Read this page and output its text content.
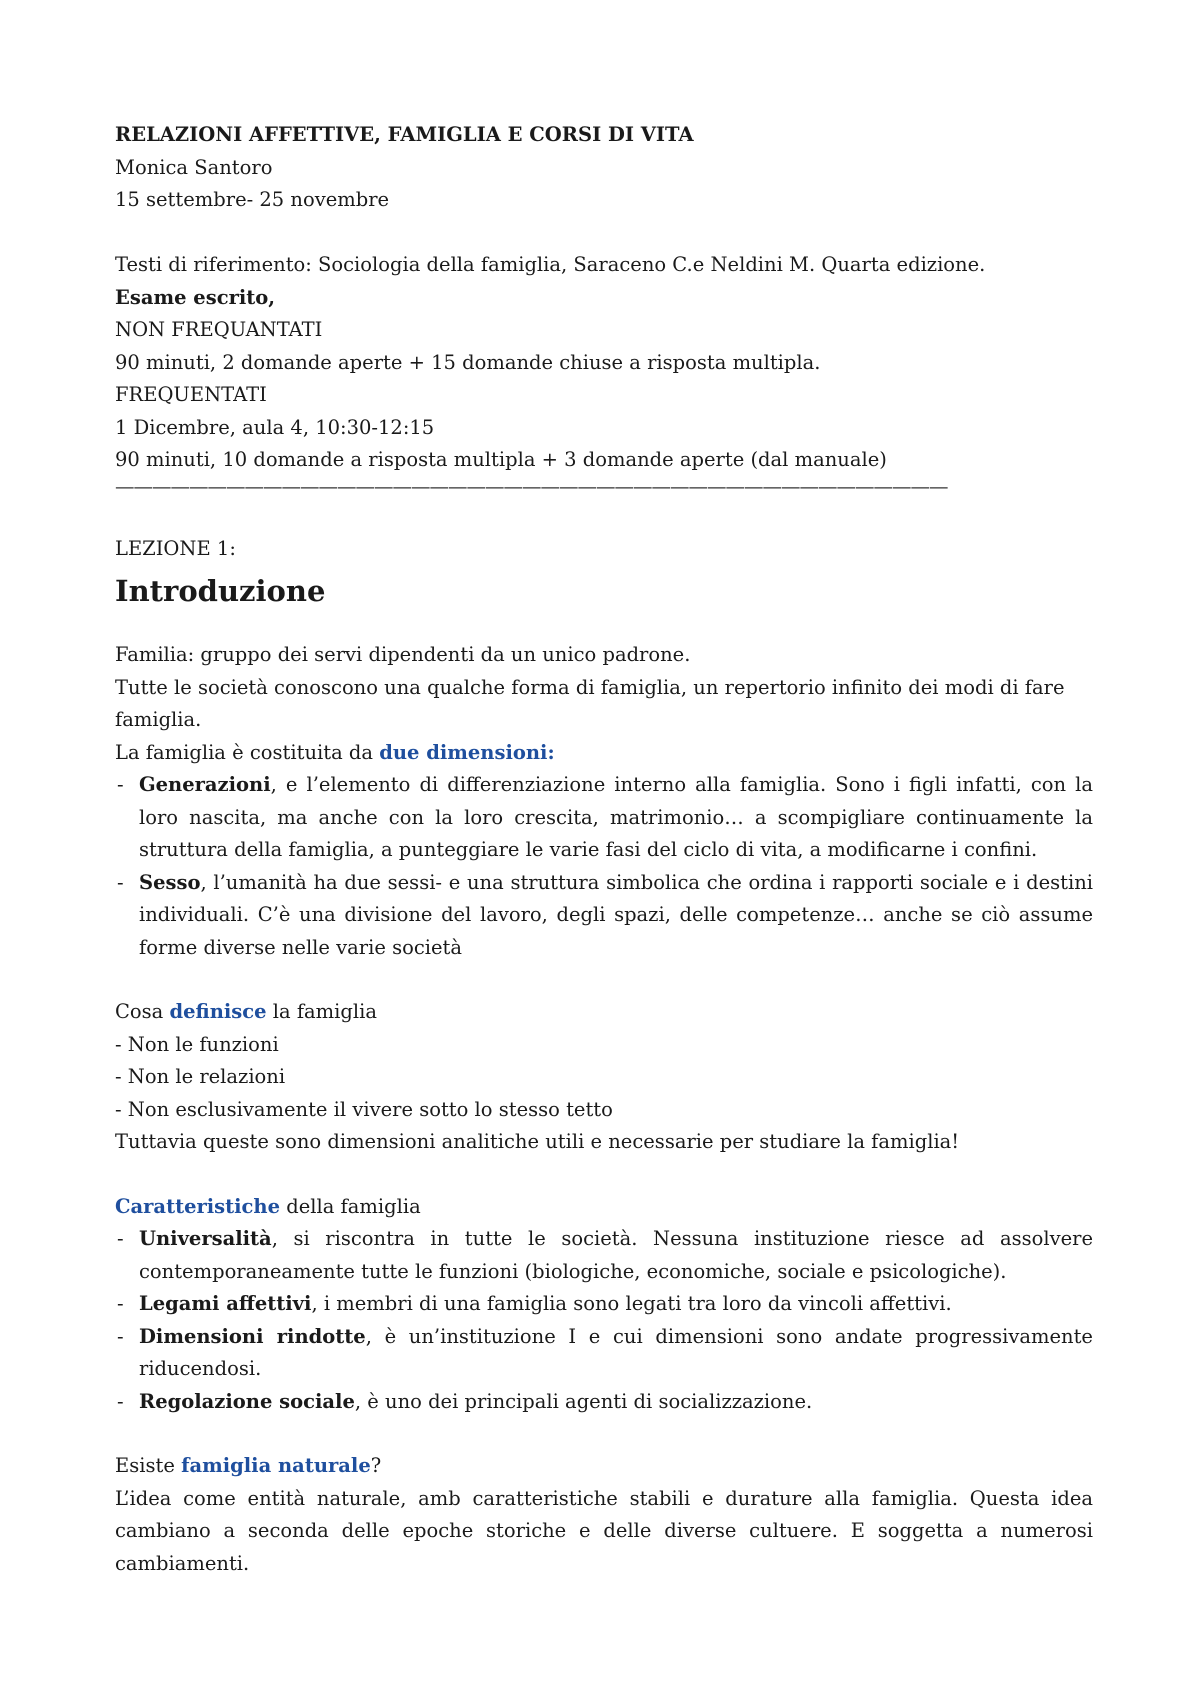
RELAZIONI AFFETTIVE, FAMIGLIA E CORSI DI VITA
Monica Santoro
15 settembre- 25 novembre
Testi di riferimento: Sociologia della famiglia, Saraceno C.e Neldini M. Quarta edizione.
Esame escrito,
NON FREQUANTATI
90 minuti, 2 domande aperte + 15 domande chiuse a risposta multipla.
FREQUENTATI
1 Dicembre, aula 4, 10:30-12:15
90 minuti, 10 domande a risposta multipla + 3 domande aperte (dal manuale)
—————————————————————————————————————————————
LEZIONE 1:
Introduzione
Familia: gruppo dei servi dipendenti da un unico padrone.
Tutte le società conoscono una qualche forma di famiglia, un repertorio infinito dei modi di fare famiglia.
La famiglia è costituita da due dimensioni:
- Generazioni, e l’elemento di differenziazione interno alla famiglia. Sono i figli infatti, con la loro nascita, ma anche con la loro crescita, matrimonio… a scompigliare continuamente la struttura della famiglia, a punteggiare le varie fasi del ciclo di vita, a modificarne i confini.
- Sesso, l’umanità ha due sessi- e una struttura simbolica che ordina i rapporti sociale e i destini individuali. C’è una divisione del lavoro, degli spazi, delle competenze… anche se ciò assume forme diverse nelle varie società
Cosa definisce la famiglia
- Non le funzioni
- Non le relazioni
- Non esclusivamente il vivere sotto lo stesso tetto
Tuttavia queste sono dimensioni analitiche utili e necessarie per studiare la famiglia!
Caratteristiche della famiglia
- Universalità, si riscontra in tutte le società. Nessuna instituzione riesce ad assolvere contemporaneamente tutte le funzioni (biologiche, economiche, sociale e psicologiche).
- Legami affettivi, i membri di una famiglia sono legati tra loro da vincoli affettivi.
- Dimensioni rindotte, è un’instituzione I e cui dimensioni sono andate progressivamente riducendosi.
- Regolazione sociale, è uno dei principali agenti di socializzazione.
Esiste famiglia naturale?
L’idea come entità naturale, amb caratteristiche stabili e durature alla famiglia. Questa idea cambiano a seconda delle epoche storiche e delle diverse cultuere. E soggetta a numerosi cambiamenti.
